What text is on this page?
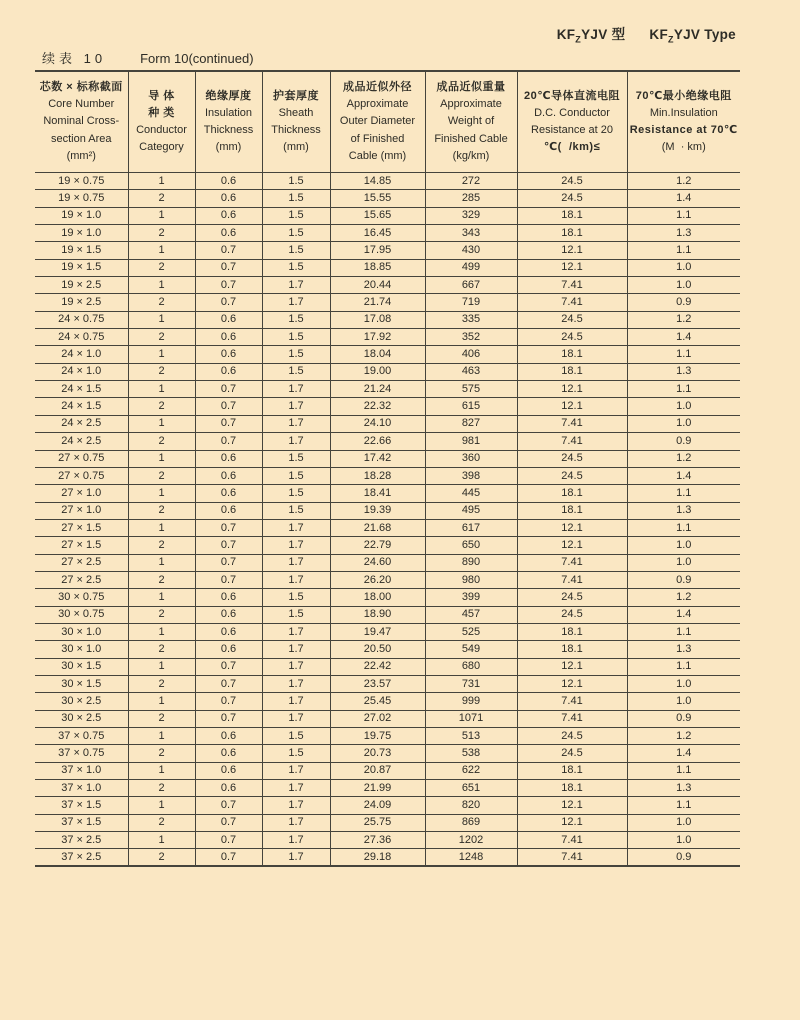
$KF_ZYJV$ 型 $KF_ZYJV$ Type
续表 10	Form 10(continued)
芯数 × 标称截面
Core Number
Nominal Cross-
section Area
(mm²)

导 体
种 类
Conductor
Category

绝缘厚度
Insulation
Thickness
(mm)

护套厚度
Sheath
Thickness
(mm)

成品近似外径
Approximate
Outer Diameter
of Finished
Cable (mm)

成品近似重量
Approximate
Weight of
Finished Cable
(kg/km)

20℃导体直流电阻
D.C. Conductor
Resistance at 20
℃(  /km)≤

70℃最小绝缘电阻
Min.Insulation
Resistance at 70℃
(M  · km)

19 × 0.75	1	0.6	1.5	14.85	272	24.5	1.2
19 × 0.75	2	0.6	1.5	15.55	285	24.5	1.4
19 × 1.0	1	0.6	1.5	15.65	329	18.1	1.1
19 × 1.0	2	0.6	1.5	16.45	343	18.1	1.3
19 × 1.5	1	0.7	1.5	17.95	430	12.1	1.1
19 × 1.5	2	0.7	1.5	18.85	499	12.1	1.0
19 × 2.5	1	0.7	1.7	20.44	667	7.41	1.0
19 × 2.5	2	0.7	1.7	21.74	719	7.41	0.9
24 × 0.75	1	0.6	1.5	17.08	335	24.5	1.2
24 × 0.75	2	0.6	1.5	17.92	352	24.5	1.4
24 × 1.0	1	0.6	1.5	18.04	406	18.1	1.1
24 × 1.0	2	0.6	1.5	19.00	463	18.1	1.3
24 × 1.5	1	0.7	1.7	21.24	575	12.1	1.1
24 × 1.5	2	0.7	1.7	22.32	615	12.1	1.0
24 × 2.5	1	0.7	1.7	24.10	827	7.41	1.0
24 × 2.5	2	0.7	1.7	22.66	981	7.41	0.9
27 × 0.75	1	0.6	1.5	17.42	360	24.5	1.2
27 × 0.75	2	0.6	1.5	18.28	398	24.5	1.4
27 × 1.0	1	0.6	1.5	18.41	445	18.1	1.1
27 × 1.0	2	0.6	1.5	19.39	495	18.1	1.3
27 × 1.5	1	0.7	1.7	21.68	617	12.1	1.1
27 × 1.5	2	0.7	1.7	22.79	650	12.1	1.0
27 × 2.5	1	0.7	1.7	24.60	890	7.41	1.0
27 × 2.5	2	0.7	1.7	26.20	980	7.41	0.9
30 × 0.75	1	0.6	1.5	18.00	399	24.5	1.2
30 × 0.75	2	0.6	1.5	18.90	457	24.5	1.4
30 × 1.0	1	0.6	1.7	19.47	525	18.1	1.1
30 × 1.0	2	0.6	1.7	20.50	549	18.1	1.3
30 × 1.5	1	0.7	1.7	22.42	680	12.1	1.1
30 × 1.5	2	0.7	1.7	23.57	731	12.1	1.0
30 × 2.5	1	0.7	1.7	25.45	999	7.41	1.0
30 × 2.5	2	0.7	1.7	27.02	1071	7.41	0.9
37 × 0.75	1	0.6	1.5	19.75	513	24.5	1.2
37 × 0.75	2	0.6	1.5	20.73	538	24.5	1.4
37 × 1.0	1	0.6	1.7	20.87	622	18.1	1.1
37 × 1.0	2	0.6	1.7	21.99	651	18.1	1.3
37 × 1.5	1	0.7	1.7	24.09	820	12.1	1.1
37 × 1.5	2	0.7	1.7	25.75	869	12.1	1.0
37 × 2.5	1	0.7	1.7	27.36	1202	7.41	1.0
37 × 2.5	2	0.7	1.7	29.18	1248	7.41	0.9
